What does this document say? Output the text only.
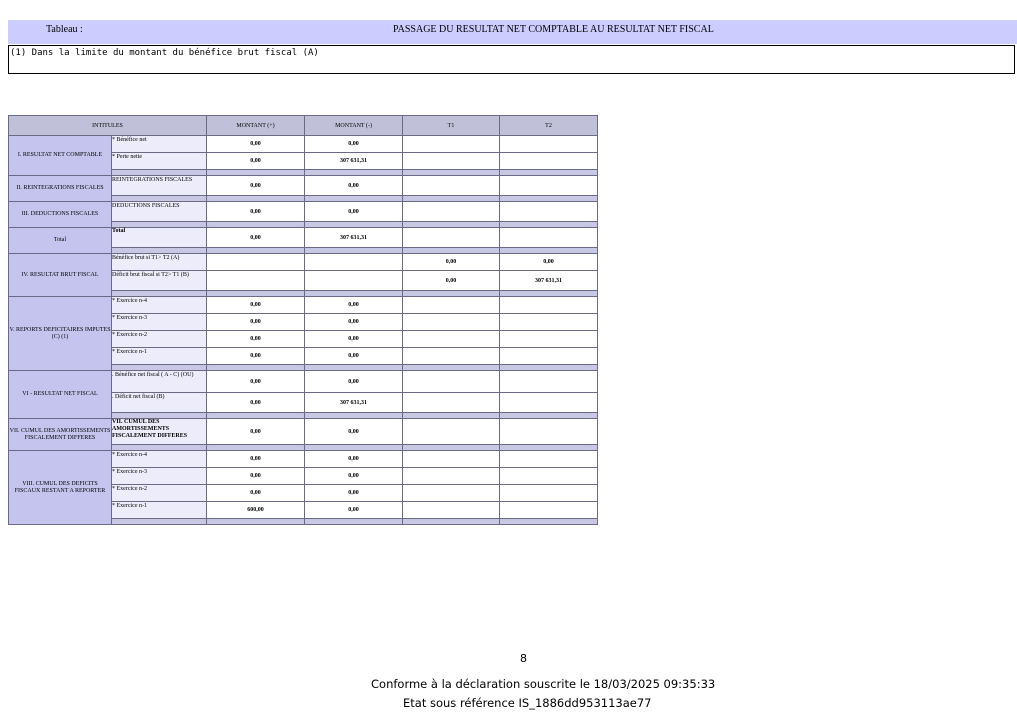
Tableau :	PASSAGE DU RESULTAT NET COMPTABLE AU RESULTAT NET FISCAL
(1) Dans la limite du montant du bénéfice brut fiscal (A)
INTITULES		MONTANT (+)	MONTANT (-)	T1	T2
I. RESULTAT NET COMPTABLE	* Bénéfice net	0,00	0,00		
	* Perte nette	0,00	307 631,31		

II. REINTEGRATIONS FISCALES	REINTEGRATIONS FISCALES	0,00	0,00		

III. DEDUCTIONS FISCALES	DEDUCTIONS FISCALES	0,00	0,00		

Total	Total	0,00	307 631,31		

IV. RESULTAT BRUT FISCAL	Bénéfice brut si T1> T2 (A)			0,00	0,00
	Déficit brut fiscal si T2> T1 (B)			0,00	307 631,31

V. REPORTS DEFICITAIRES IMPUTES (C) (1)	* Exercice n-4	0,00	0,00		
	* Exercice n-3	0,00	0,00		
	* Exercice n-2	0,00	0,00		
	* Exercice n-1	0,00	0,00		

VI - RESULTAT NET FISCAL	. Bénéfice net fiscal ( A - C) (OU)	0,00	0,00		
	. Déficit net fiscal (B)	0,00	307 631,31		

VII. CUMUL DES AMORTISSEMENTS FISCALEMENT DIFFERES	VII. CUMUL DES AMORTISSEMENTS FISCALEMENT DIFFERES	0,00	0,00		

VIII. CUMUL DES DEFICITS FISCAUX RESTANT A REPORTER	* Exercice n-4	0,00	0,00		
	* Exercice n-3	0,00	0,00		
	* Exercice n-2	0,00	0,00		
	* Exercice n-1	600,00	0,00		

8
Conforme à la déclaration souscrite le 18/03/2025 09:35:33
Etat sous référence IS_1886dd953113ae77
